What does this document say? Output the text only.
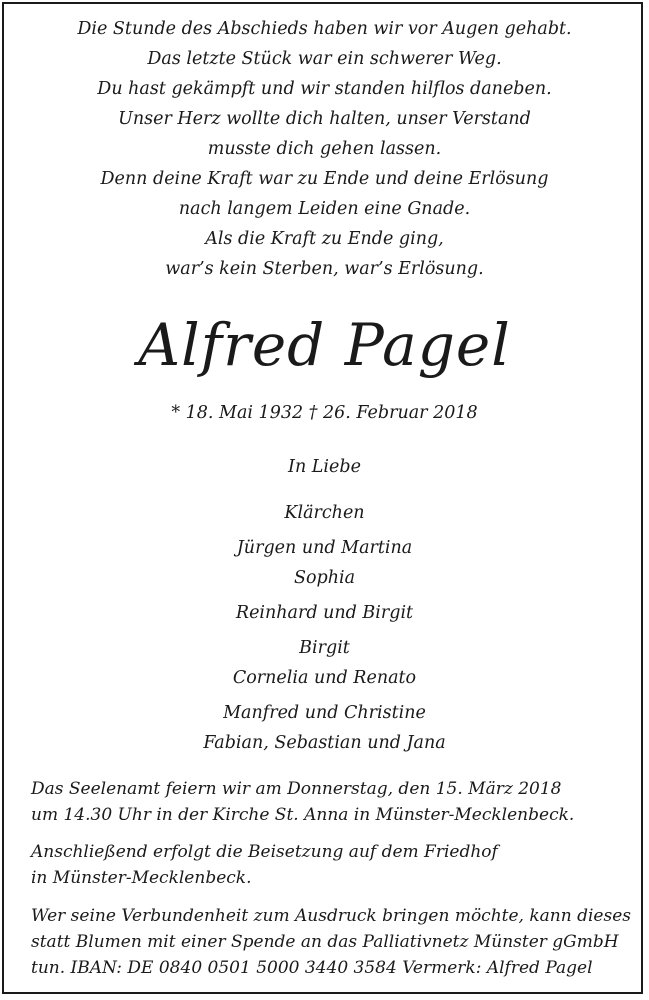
Die Stunde des Abschieds haben wir vor Augen gehabt.
Das letzte Stück war ein schwerer Weg.
Du hast gekämpft und wir standen hilflos daneben.
Unser Herz wollte dich halten, unser Verstand
musste dich gehen lassen.
Denn deine Kraft war zu Ende und deine Erlösung
nach langem Leiden eine Gnade.
Als die Kraft zu Ende ging,
war’s kein Sterben, war’s Erlösung.
Alfred Pagel
* 18. Mai 1932 † 26. Februar 2018
In Liebe
Klärchen
Jürgen und Martina
Sophia
Reinhard und Birgit
Birgit
Cornelia und Renato
Manfred und Christine
Fabian, Sebastian und Jana
Das Seelenamt feiern wir am Donnerstag, den 15. März 2018
um 14.30 Uhr in der Kirche St. Anna in Münster-Mecklenbeck.
Anschließend erfolgt die Beisetzung auf dem Friedhof
in Münster-Mecklenbeck.
Wer seine Verbundenheit zum Ausdruck bringen möchte, kann dieses
statt Blumen mit einer Spende an das Palliativnetz Münster gGmbH
tun. IBAN: DE 0840 0501 5000 3440 3584 Vermerk: Alfred Pagel
